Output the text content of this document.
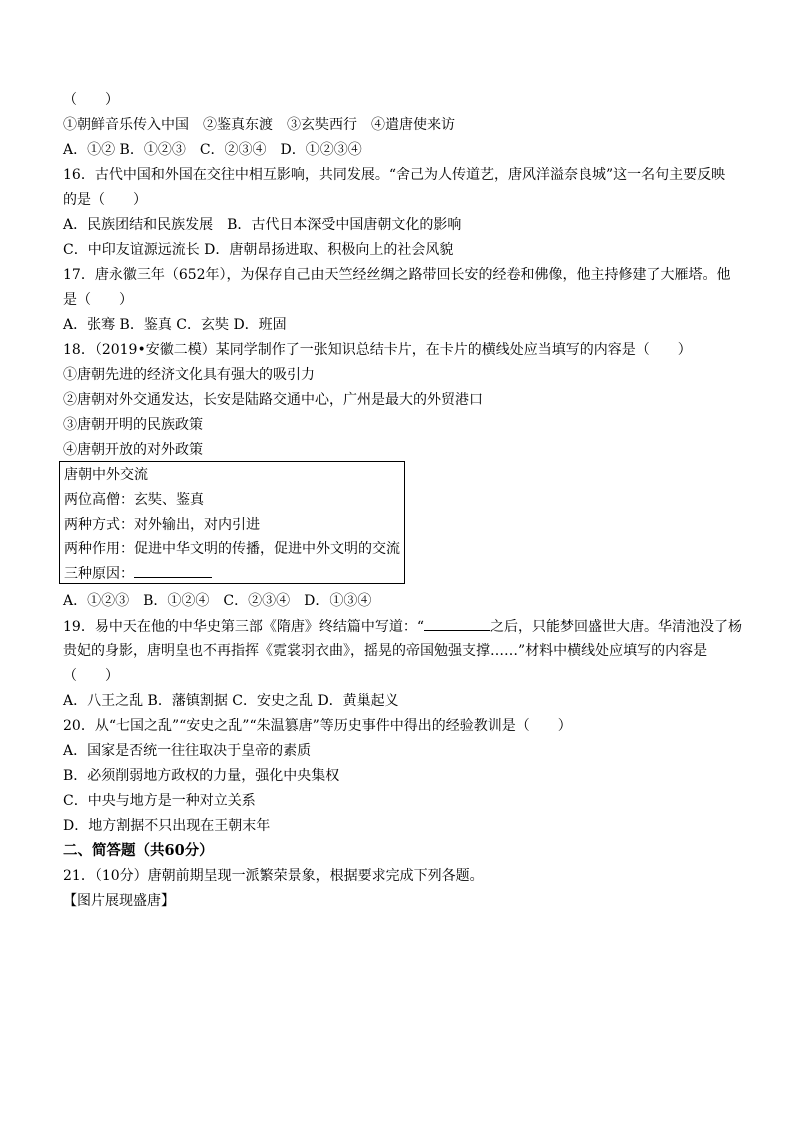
（　　）
①朝鲜音乐传入中国　②鉴真东渡　③玄奘西行　④遣唐使来访
A．①② B．①②③　C．②③④　D．①②③④
16．古代中国和外国在交往中相互影响，共同发展。“舍己为人传道艺，唐风洋溢奈良城”这一名句主要反映
的是（　　）
A．民族团结和民族发展　B．古代日本深受中国唐朝文化的影响
C．中印友谊源远流长 D．唐朝昂扬进取、积极向上的社会风貌
17．唐永徽三年（652年），为保存自己由天竺经丝绸之路带回长安的经卷和佛像，他主持修建了大雁塔。他
是（　　）
A．张骞 B．鉴真 C．玄奘 D．班固
18．（2019•安徽二模）某同学制作了一张知识总结卡片，在卡片的横线处应当填写的内容是（　　）
①唐朝先进的经济文化具有强大的吸引力
②唐朝对外交通发达，长安是陆路交通中心，广州是最大的外贸港口
③唐朝开明的民族政策
④唐朝开放的对外政策
唐朝中外交流
两位高僧：玄奘、鉴真
两种方式：对外输出，对内引进
两种作用：促进中华文明的传播，促进中外文明的交流
三种原因：
A．①②③　B．①②④　C．②③④　D．①③④
19．易中天在他的中华史第三部《隋唐》终结篇中写道：“	之后，只能梦回盛世大唐。华清池没了杨
贵妃的身影，唐明皇也不再指挥《霓裳羽衣曲》，摇晃的帝国勉强支撑……”材料中横线处应填写的内容是
（　　）
A．八王之乱 B．藩镇割据 C．安史之乱 D．黄巢起义
20．从“七国之乱”“安史之乱”“朱温篡唐”等历史事件中得出的经验教训是（　　）
A．国家是否统一往往取决于皇帝的素质
B．必须削弱地方政权的力量，强化中央集权
C．中央与地方是一种对立关系
D．地方割据不只出现在王朝末年
二、简答题（共60分）
21．（10分）唐朝前期呈现一派繁荣景象，根据要求完成下列各题。
【图片展现盛唐】
